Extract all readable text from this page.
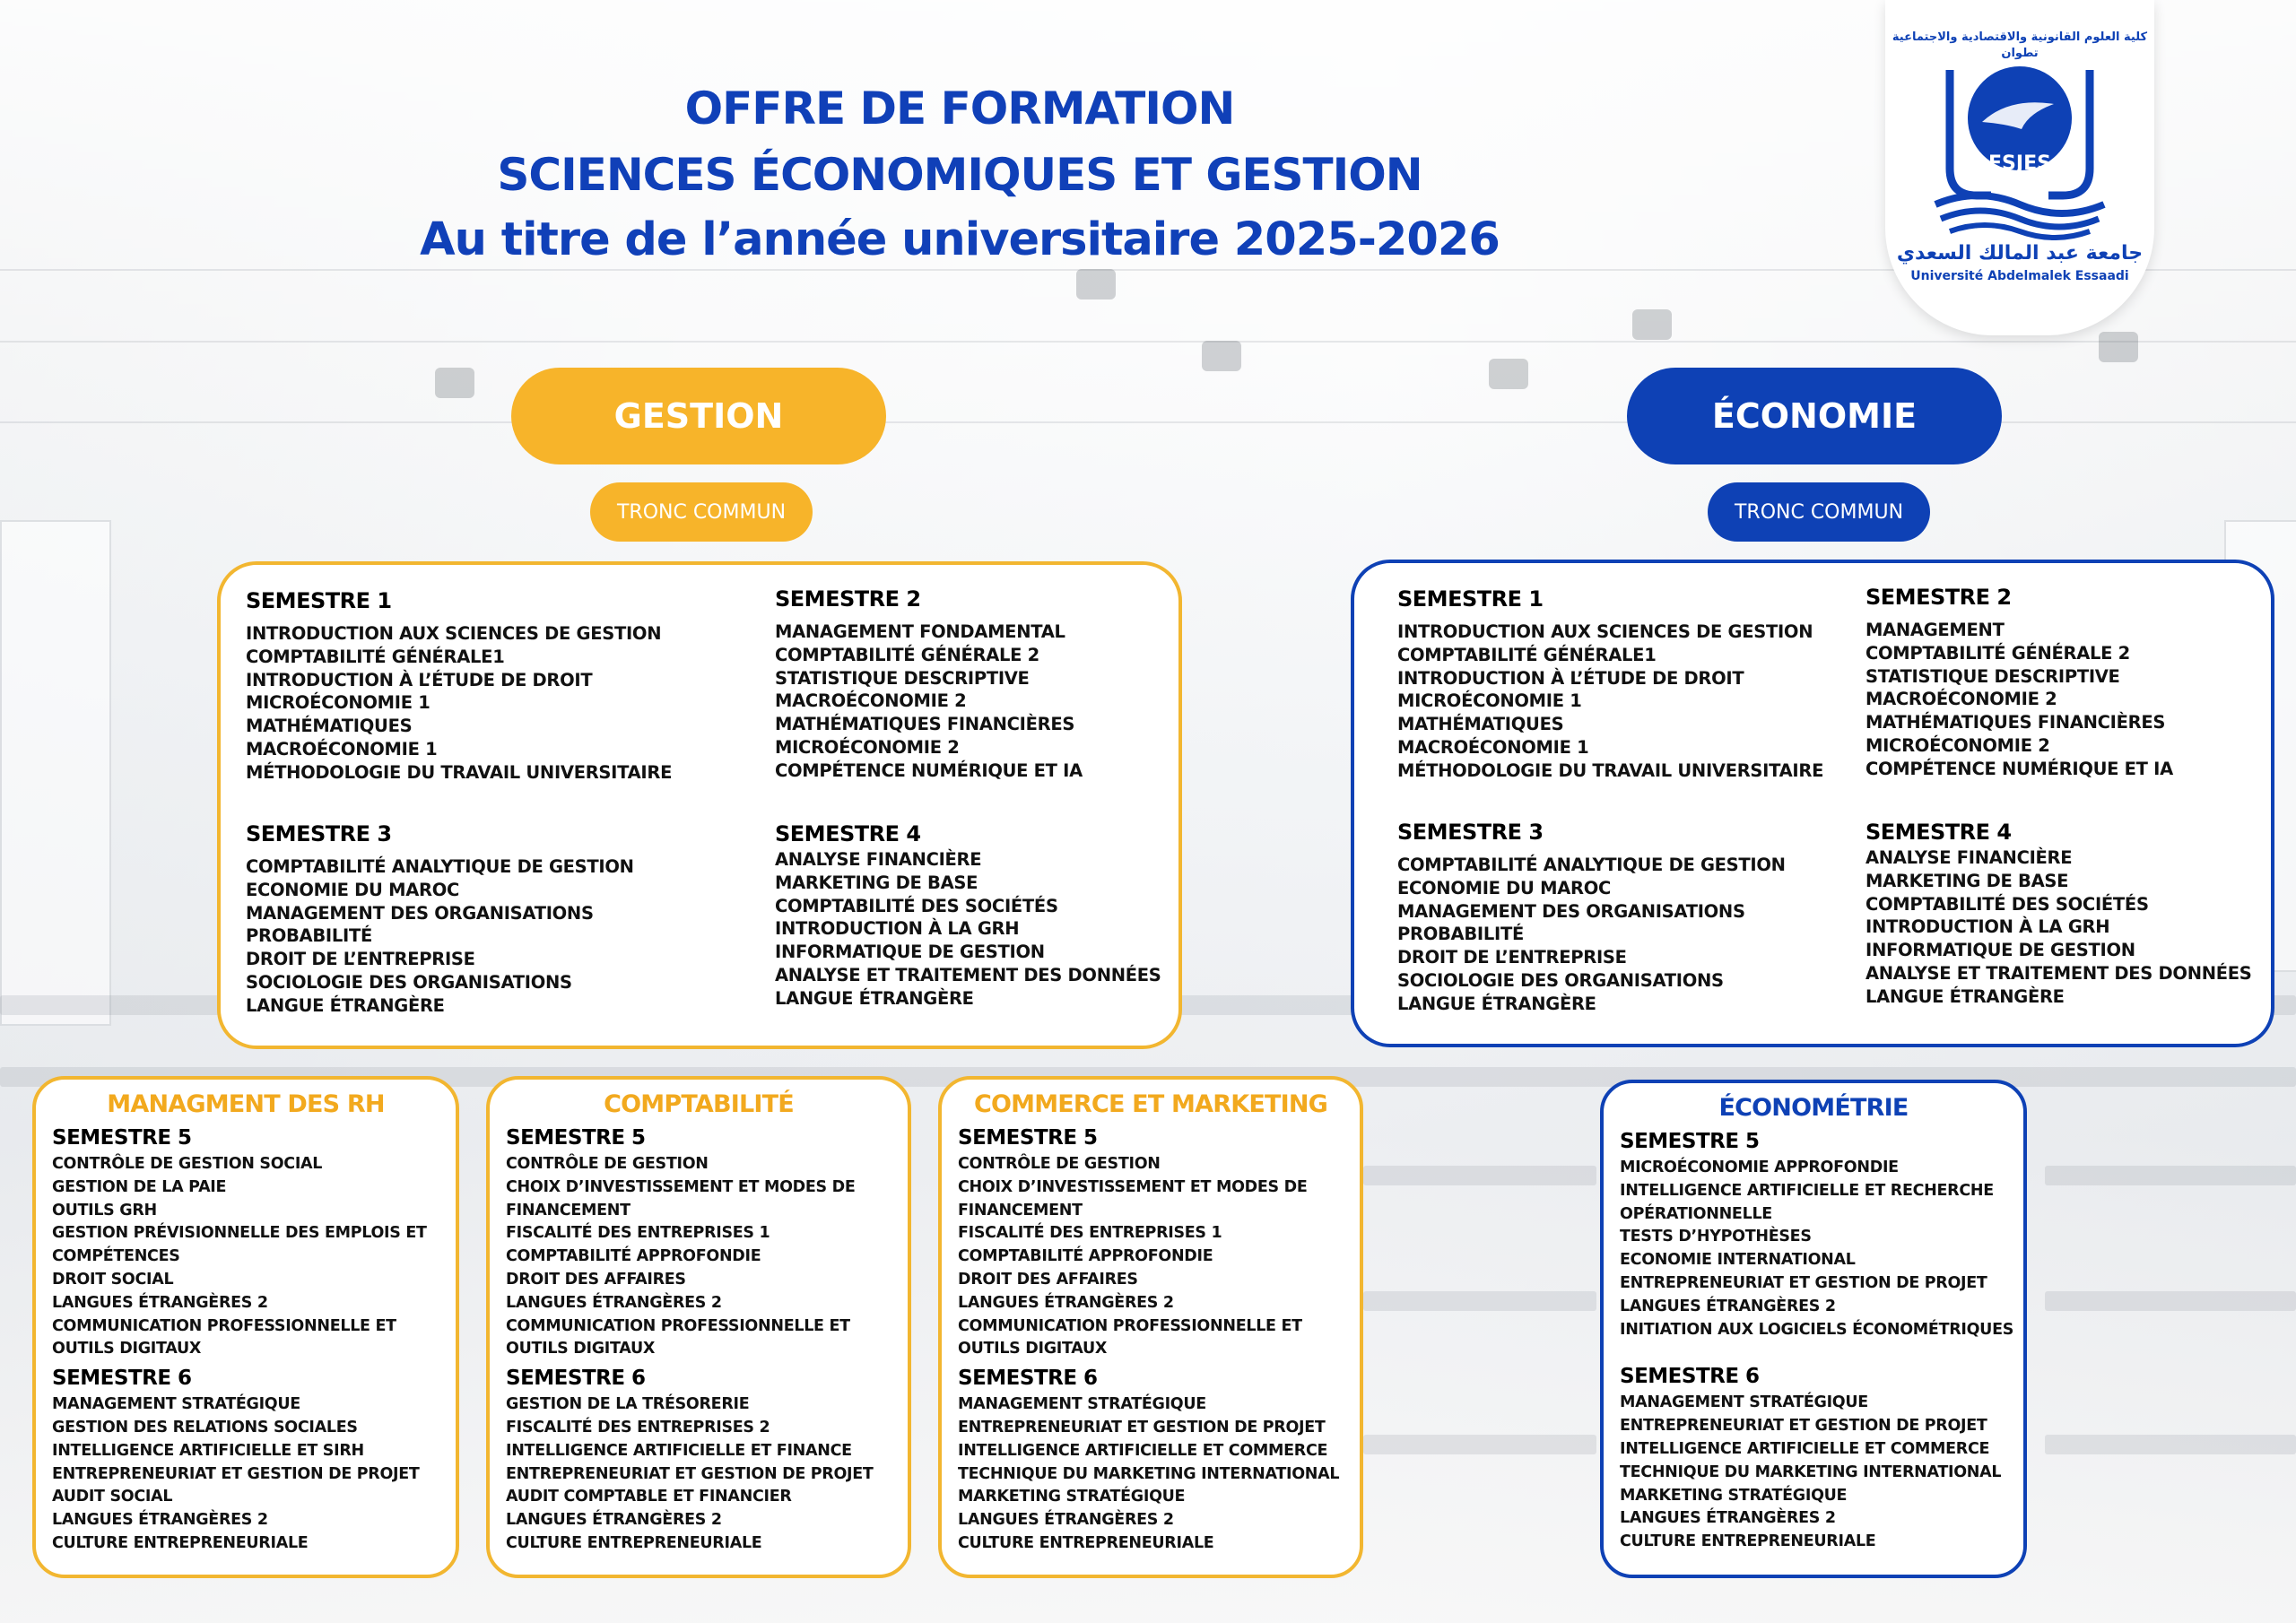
OFFRE DE FORMATION
SCIENCES ÉCONOMIQUES ET GESTION
Au titre de l’année universitaire 2025-2026
كلية العلوم القانونية والاقتصادية والاجتماعية
تطوان
FSJES
TETOUAN
جامعة عبد المالك السعدي
Université Abdelmalek Essaadi
GESTION	ÉCONOMIE
TRONC COMMUN	TRONC COMMUN
SEMESTRE 1
INTRODUCTION AUX SCIENCES DE GESTION
COMPTABILITÉ GÉNÉRALE1
INTRODUCTION À L’ÉTUDE DE DROIT
MICROÉCONOMIE 1
MATHÉMATIQUES
MACROÉCONOMIE 1
MÉTHODOLOGIE DU TRAVAIL UNIVERSITAIRE
SEMESTRE 2
MANAGEMENT FONDAMENTAL
COMPTABILITÉ GÉNÉRALE 2
STATISTIQUE DESCRIPTIVE
MACROÉCONOMIE 2
MATHÉMATIQUES FINANCIÈRES
MICROÉCONOMIE 2
COMPÉTENCE NUMÉRIQUE ET IA
SEMESTRE 3
COMPTABILITÉ ANALYTIQUE DE GESTION
ECONOMIE DU MAROC
MANAGEMENT DES ORGANISATIONS
PROBABILITÉ
DROIT DE L’ENTREPRISE
SOCIOLOGIE DES ORGANISATIONS
LANGUE ÉTRANGÈRE
SEMESTRE 4
ANALYSE FINANCIÈRE
MARKETING DE BASE
COMPTABILITÉ DES SOCIÉTÉS
INTRODUCTION À LA GRH
INFORMATIQUE DE GESTION
ANALYSE ET TRAITEMENT DES DONNÉES
LANGUE ÉTRANGÈRE
SEMESTRE 1
INTRODUCTION AUX SCIENCES DE GESTION
COMPTABILITÉ GÉNÉRALE1
INTRODUCTION À L’ÉTUDE DE DROIT
MICROÉCONOMIE 1
MATHÉMATIQUES
MACROÉCONOMIE 1
MÉTHODOLOGIE DU TRAVAIL UNIVERSITAIRE
SEMESTRE 2
MANAGEMENT
COMPTABILITÉ GÉNÉRALE 2
STATISTIQUE DESCRIPTIVE
MACROÉCONOMIE 2
MATHÉMATIQUES FINANCIÈRES
MICROÉCONOMIE 2
COMPÉTENCE NUMÉRIQUE ET IA
SEMESTRE 3
COMPTABILITÉ ANALYTIQUE DE GESTION
ECONOMIE DU MAROC
MANAGEMENT DES ORGANISATIONS
PROBABILITÉ
DROIT DE L’ENTREPRISE
SOCIOLOGIE DES ORGANISATIONS
LANGUE ÉTRANGÈRE
SEMESTRE 4
ANALYSE FINANCIÈRE
MARKETING DE BASE
COMPTABILITÉ DES SOCIÉTÉS
INTRODUCTION À LA GRH
INFORMATIQUE DE GESTION
ANALYSE ET TRAITEMENT DES DONNÉES
LANGUE ÉTRANGÈRE
MANAGMENT DES RH
SEMESTRE 5
CONTRÔLE DE GESTION SOCIAL
GESTION DE LA PAIE
OUTILS GRH
GESTION PRÉVISIONNELLE DES EMPLOIS ET COMPÉTENCES
DROIT SOCIAL
LANGUES ÉTRANGÈRES 2
COMMUNICATION PROFESSIONNELLE ET OUTILS DIGITAUX
SEMESTRE 6
MANAGEMENT STRATÉGIQUE
GESTION DES RELATIONS SOCIALES
INTELLIGENCE ARTIFICIELLE ET SIRH
ENTREPRENEURIAT ET GESTION DE PROJET
AUDIT SOCIAL
LANGUES ÉTRANGÈRES 2
CULTURE ENTREPRENEURIALE
COMPTABILITÉ
SEMESTRE 5
CONTRÔLE DE GESTION
CHOIX D’INVESTISSEMENT ET MODES DE FINANCEMENT
FISCALITÉ DES ENTREPRISES 1
COMPTABILITÉ APPROFONDIE
DROIT DES AFFAIRES
LANGUES ÉTRANGÈRES 2
COMMUNICATION PROFESSIONNELLE ET OUTILS DIGITAUX
SEMESTRE 6
GESTION DE LA TRÉSORERIE
FISCALITÉ DES ENTREPRISES 2
INTELLIGENCE ARTIFICIELLE ET FINANCE
ENTREPRENEURIAT ET GESTION DE PROJET
AUDIT COMPTABLE ET FINANCIER
LANGUES ÉTRANGÈRES 2
CULTURE ENTREPRENEURIALE
COMMERCE ET MARKETING
SEMESTRE 5
CONTRÔLE DE GESTION
CHOIX D’INVESTISSEMENT ET MODES DE FINANCEMENT
FISCALITÉ DES ENTREPRISES 1
COMPTABILITÉ APPROFONDIE
DROIT DES AFFAIRES
LANGUES ÉTRANGÈRES 2
COMMUNICATION PROFESSIONNELLE ET OUTILS DIGITAUX
SEMESTRE 6
MANAGEMENT STRATÉGIQUE
ENTREPRENEURIAT ET GESTION DE PROJET
INTELLIGENCE ARTIFICIELLE ET COMMERCE
TECHNIQUE DU MARKETING INTERNATIONAL
MARKETING STRATÉGIQUE
LANGUES ÉTRANGÈRES 2
CULTURE ENTREPRENEURIALE
ÉCONOMÉTRIE
SEMESTRE 5
MICROÉCONOMIE APPROFONDIE
INTELLIGENCE ARTIFICIELLE ET RECHERCHE OPÉRATIONNELLE
TESTS D’HYPOTHÈSES
ECONOMIE INTERNATIONAL
ENTREPRENEURIAT ET GESTION DE PROJET
LANGUES ÉTRANGÈRES 2
INITIATION AUX LOGICIELS ÉCONOMÉTRIQUES
SEMESTRE 6
MANAGEMENT STRATÉGIQUE
ENTREPRENEURIAT ET GESTION DE PROJET
INTELLIGENCE ARTIFICIELLE ET COMMERCE
TECHNIQUE DU MARKETING INTERNATIONAL
MARKETING STRATÉGIQUE
LANGUES ÉTRANGÈRES 2
CULTURE ENTREPRENEURIALE
